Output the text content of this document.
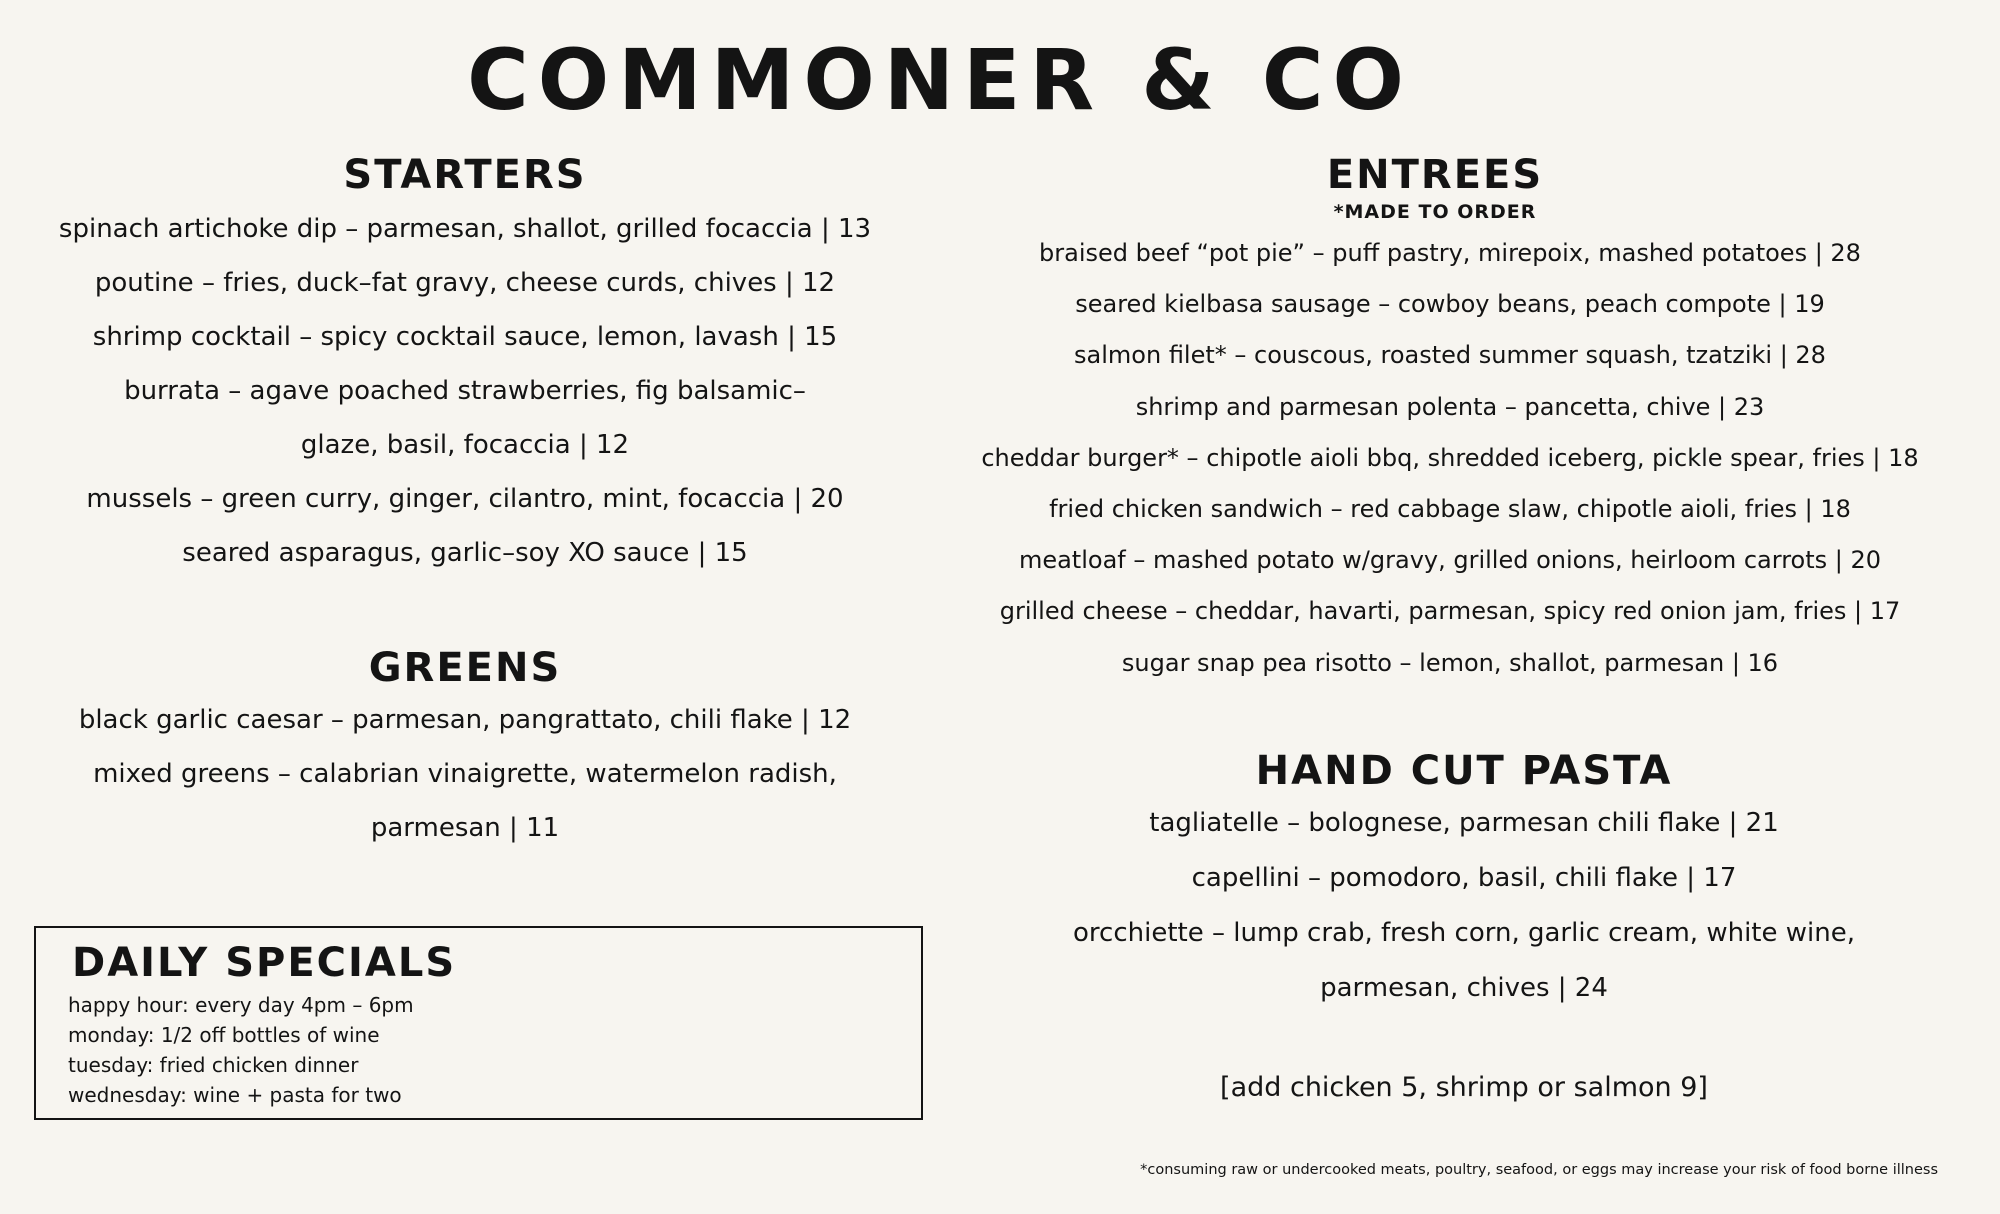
COMMONER & CO
STARTERS
spinach artichoke dip – parmesan, shallot, grilled focaccia | 13
poutine – fries, duck–fat gravy, cheese curds, chives | 12
shrimp cocktail – spicy cocktail sauce, lemon, lavash | 15
burrata – agave poached strawberries, fig balsamic–
glaze, basil, focaccia | 12
mussels – green curry, ginger, cilantro, mint, focaccia | 20
seared asparagus, garlic–soy XO sauce | 15
GREENS
black garlic caesar – parmesan, pangrattato, chili flake | 12
mixed greens – calabrian vinaigrette, watermelon radish,
parmesan | 11
DAILY SPECIALS
happy hour: every day 4pm – 6pm
monday: 1/2 off bottles of wine
tuesday: fried chicken dinner
wednesday: wine + pasta for two
ENTREES

*MADE TO ORDER

braised beef “pot pie” – puff pastry, mirepoix, mashed potatoes | 28
seared kielbasa sausage – cowboy beans, peach compote | 19
salmon filet* – couscous, roasted summer squash, tzatziki | 28
shrimp and parmesan polenta – pancetta, chive | 23
cheddar burger* – chipotle aioli bbq, shredded iceberg, pickle spear, fries | 18
fried chicken sandwich – red cabbage slaw, chipotle aioli, fries | 18
meatloaf – mashed potato w/gravy, grilled onions, heirloom carrots | 20
grilled cheese – cheddar, havarti, parmesan, spicy red onion jam, fries | 17
sugar snap pea risotto – lemon, shallot, parmesan | 16
HAND CUT PASTA
tagliatelle – bolognese, parmesan chili flake | 21
capellini – pomodoro, basil, chili flake | 17
orcchiette – lump crab, fresh corn, garlic cream, white wine,
parmesan, chives | 24

[add chicken 5, shrimp or salmon 9]

*consuming raw or undercooked meats, poultry, seafood, or eggs may increase your risk of food borne illness
